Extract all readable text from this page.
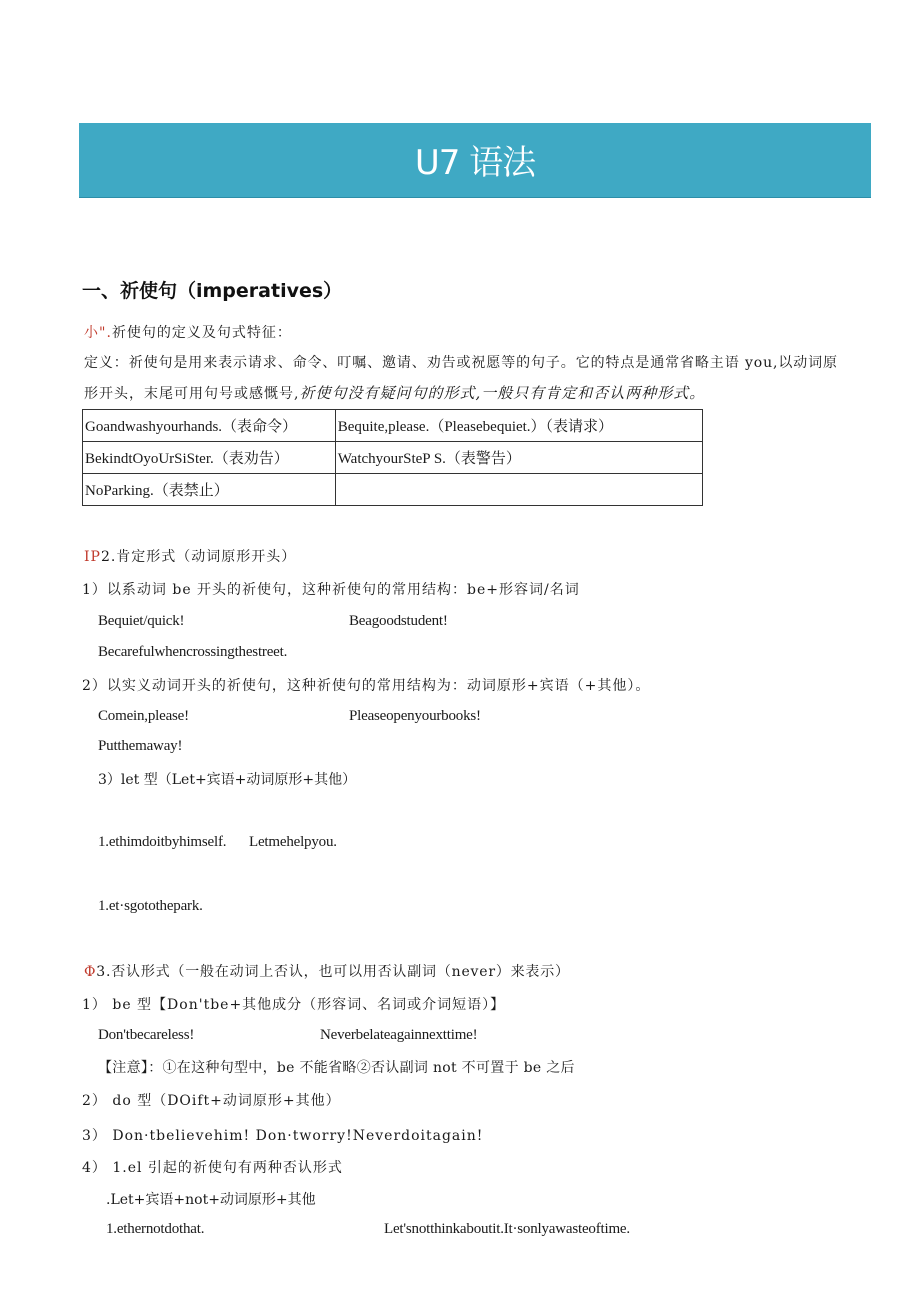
U7 语法
一、祈使句（imperatives）
小".祈使句的定义及句式特征：
定义：祈使句是用来表示请求、命令、叮嘱、邀请、劝告或祝愿等的句子。它的特点是通常省略主语 you,以动词原
形开头，末尾可用句号或感慨号,祈使句没有疑问句的形式,一般只有肯定和否认两种形式。
Goandwashyourhands.（表命令）	Bequite,please.（Pleasebequiet.）（表请求）
BekindtOyoUrSiSter.（表劝告）	WatchyourSteP S.（表警告）
NoParking.（表禁止）	
IP2.肯定形式（动词原形开头）
1）以系动词 be 开头的祈使句，这种祈使句的常用结构：be+形容词/名词
Bequiet/quick!	Beagoodstudent!
Becarefulwhencrossingthestreet.
2）以实义动词开头的祈使句，这种祈使句的常用结构为：动词原形+宾语（+其他）。
Comein,please!	Pleaseopenyourbooks!
Putthemaway!
3）let 型（Let+宾语+动词原形+其他）
1.ethimdoitbyhimself. Letmehelpyou.
1.et·sgotothepark.
Φ3.否认形式（一般在动词上否认，也可以用否认副词（never）来表示）
1） be 型【Don'tbe+其他成分（形容词、名词或介词短语）】
Don'tbecareless!	Neverbelateagainnexttime!
【注意】：①在这种句型中，be 不能省略②否认副词 not 不可置于 be 之后
2） do 型（DOift+动词原形+其他）
3） Don·tbelievehim! Don·tworry!Neverdoitagain!
4） 1.el 引起的祈使句有两种否认形式
.Let+宾语+not+动词原形+其他
1.ethernotdothat.	Let'snotthinkaboutit.It·sonlyawasteoftime.
